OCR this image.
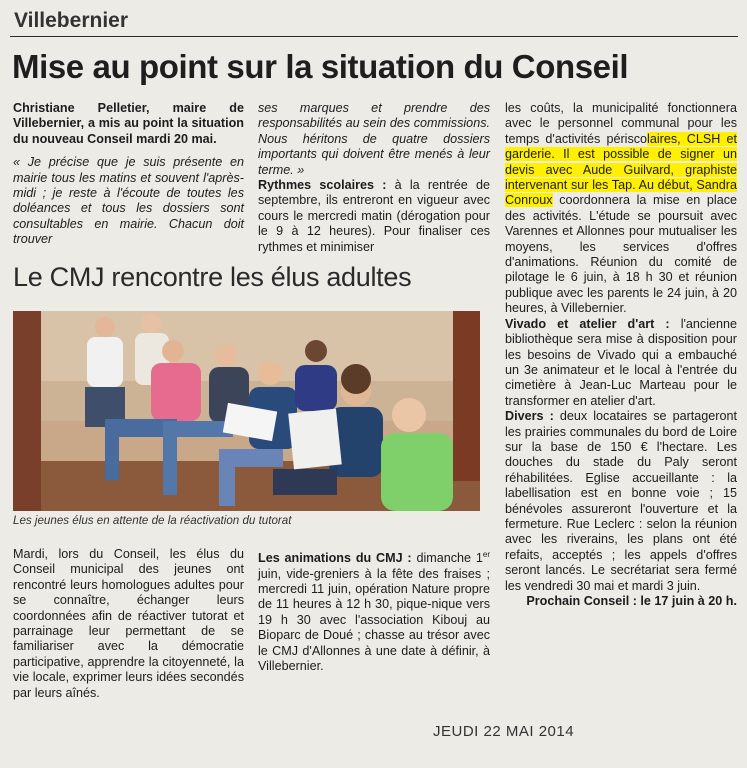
Villebernier
Mise au point sur la situation du Conseil

Christiane Pelletier, maire de Villebernier, a mis au point la situation du nouveau Conseil mardi 20 mai.

« Je précise que je suis présente en mairie tous les matins et souvent l'après-midi ; je reste à l'écoute de toutes les doléances et tous les dossiers sont consultables en mairie. Chacun doit trouver

ses marques et prendre des responsabilités au sein des commissions. Nous héritons de quatre dossiers importants qui doivent être menés à leur terme. »

Rythmes scolaires : à la rentrée de septembre, ils entreront en vigueur avec cours le mercredi matin (dérogation pour le 9 à 12 heures). Pour finaliser ces rythmes et minimiser

les coûts, la municipalité fonctionnera avec le personnel communal pour les temps d'activités périscolaires, CLSH et garderie. Il est possible de signer un devis avec Aude Guilvard, graphiste intervenant sur les Tap. Au début, Sandra Conroux coordonnera la mise en place des activités. L'étude se poursuit avec Varennes et Allonnes pour mutualiser les moyens, les services d'offres d'animations. Réunion du comité de pilotage le 6 juin, à 18 h 30 et réunion publique avec les parents le 24 juin, à 20 heures, à Villebernier.

Vivado et atelier d'art : l'ancienne bibliothèque sera mise à disposition pour les besoins de Vivado qui a embauché un 3e animateur et le local à l'entrée du cimetière à Jean-Luc Marteau pour le transformer en atelier d'art.

Divers : deux locataires se partageront les prairies communales du bord de Loire sur la base de 150 € l'hectare. Les douches du stade du Paly seront réhabilitées. Eglise accueillante : la labellisation est en bonne voie ; 15 bénévoles assureront l'ouverture et la fermeture. Rue Leclerc : selon la réunion avec les riverains, les plans ont été refaits, acceptés ; les appels d'offres seront lancés. Le secrétariat sera fermé les vendredi 30 mai et mardi 3 juin.

Prochain Conseil : le 17 juin à 20 h.

Le CMJ rencontre les élus adultes
Les jeunes élus en attente de la réactivation du tutorat

Mardi, lors du Conseil, les élus du Conseil municipal des jeunes ont rencontré leurs homologues adultes pour se connaître, échanger leurs coordonnées afin de réactiver tutorat et parrainage leur permettant de se familiariser avec la démocratie participative, apprendre la citoyenneté, la vie locale, exprimer leurs idées secondés par leurs aînés.

Les animations du CMJ : dimanche 1er juin, vide-greniers à la fête des fraises ; mercredi 11 juin, opération Nature propre de 11 heures à 12 h 30, pique-nique vers 19 h 30 avec l'association Kibouj au Bioparc de Doué ; chasse au trésor avec le CMJ d'Allonnes à une date à définir, à Villebernier.

JEUDI 22 MAI 2014
